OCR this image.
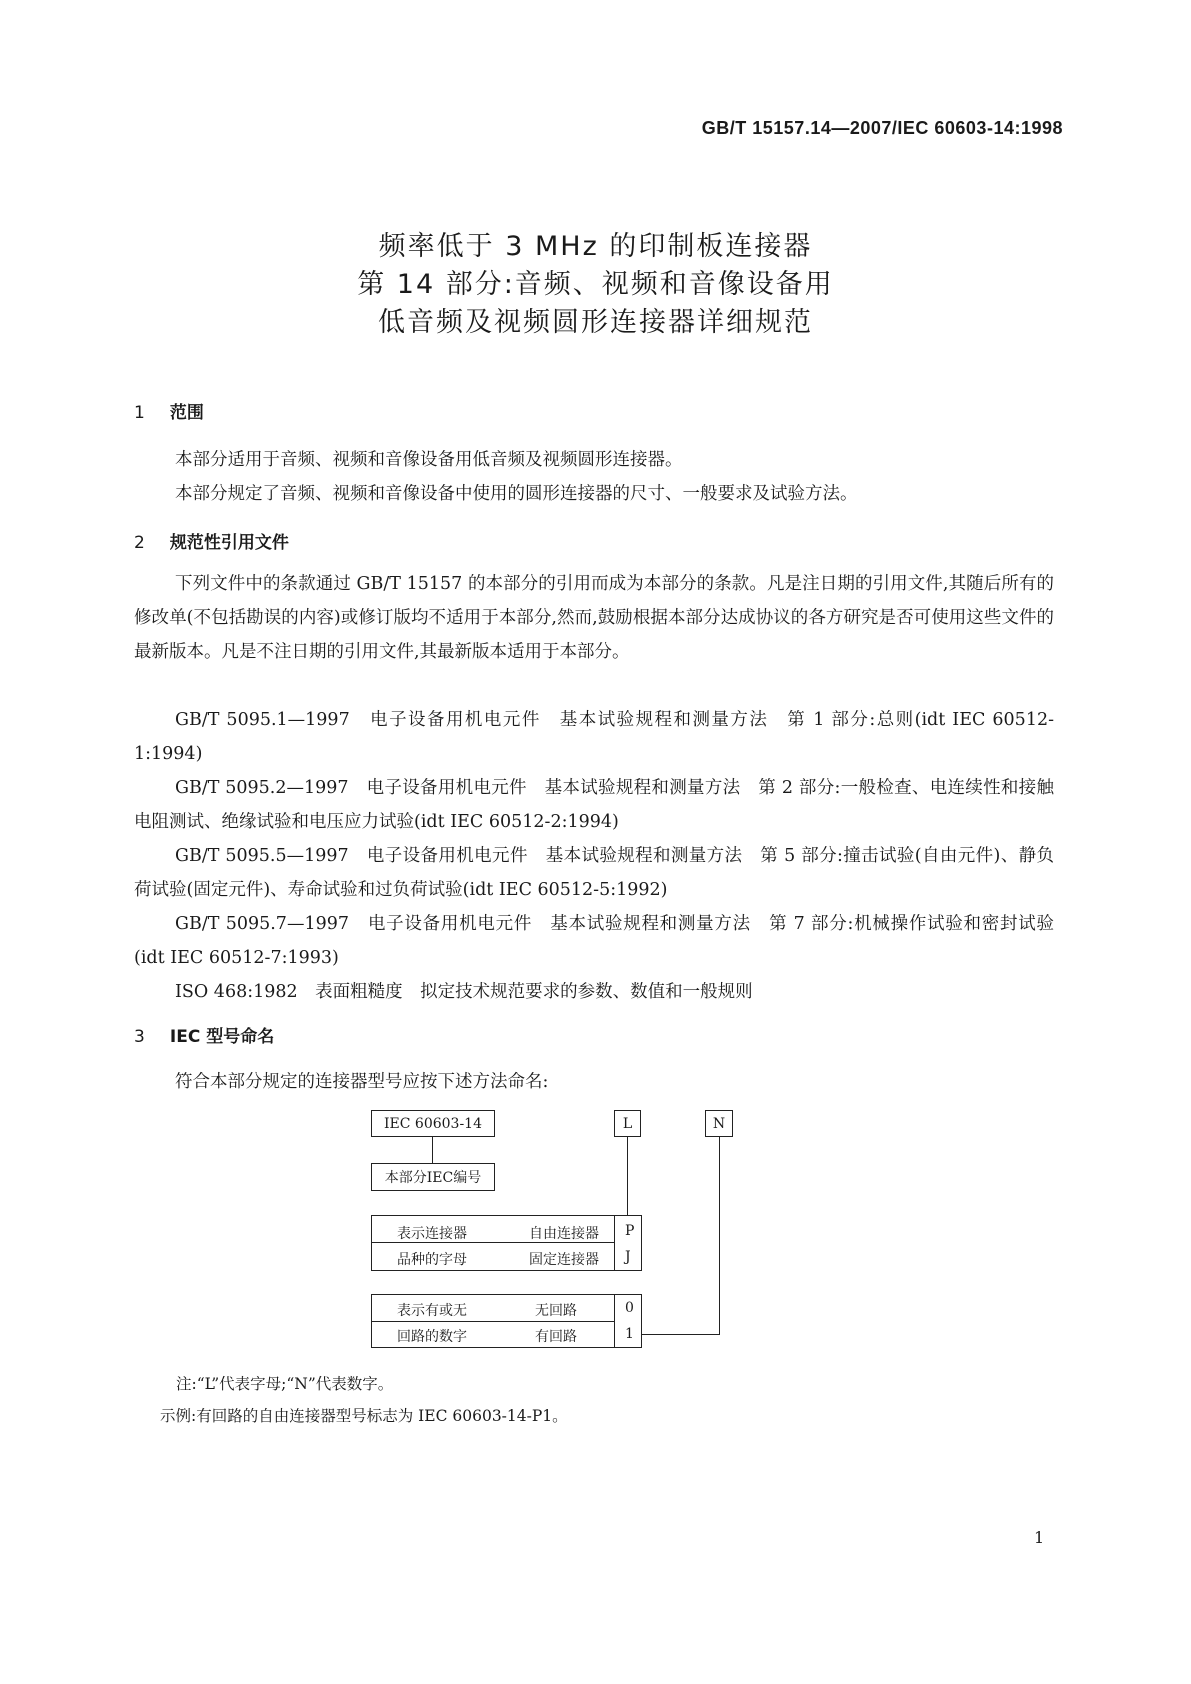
GB/T 15157.14—2007/IEC 60603-14:1998
频率低于 3 MHz 的印制板连接器
第 14 部分:音频、视频和音像设备用
低音频及视频圆形连接器详细规范
1 范围
本部分适用于音频、视频和音像设备用低音频及视频圆形连接器。
本部分规定了音频、视频和音像设备中使用的圆形连接器的尺寸、一般要求及试验方法。
2 规范性引用文件
下列文件中的条款通过 GB/T 15157 的本部分的引用而成为本部分的条款。凡是注日期的引用文件,其随后所有的修改单(不包括勘误的内容)或修订版均不适用于本部分,然而,鼓励根据本部分达成协议的各方研究是否可使用这些文件的最新版本。凡是不注日期的引用文件,其最新版本适用于本部分。
GB/T 5095.1—1997　电子设备用机电元件　基本试验规程和测量方法　第 1 部分:总则(idt IEC 60512-1:1994)
GB/T 5095.2—1997　电子设备用机电元件　基本试验规程和测量方法　第 2 部分:一般检查、电连续性和接触电阻测试、绝缘试验和电压应力试验(idt IEC 60512-2:1994)
GB/T 5095.5—1997　电子设备用机电元件　基本试验规程和测量方法　第 5 部分:撞击试验(自由元件)、静负荷试验(固定元件)、寿命试验和过负荷试验(idt IEC 60512-5:1992)
GB/T 5095.7—1997　电子设备用机电元件　基本试验规程和测量方法　第 7 部分:机械操作试验和密封试验(idt IEC 60512-7:1993)
ISO 468:1982　表面粗糙度　拟定技术规范要求的参数、数值和一般规则
3 IEC 型号命名
符合本部分规定的连接器型号应按下述方法命名:
IEC 60603-14	L	N
本部分IEC编号
表示连接器
品种的字母
自由连接器
固定连接器
P
J
表示有或无
回路的数字
无回路
有回路
0
1
注:“L”代表字母;“N”代表数字。
示例:有回路的自由连接器型号标志为 IEC 60603-14-P1。
1
